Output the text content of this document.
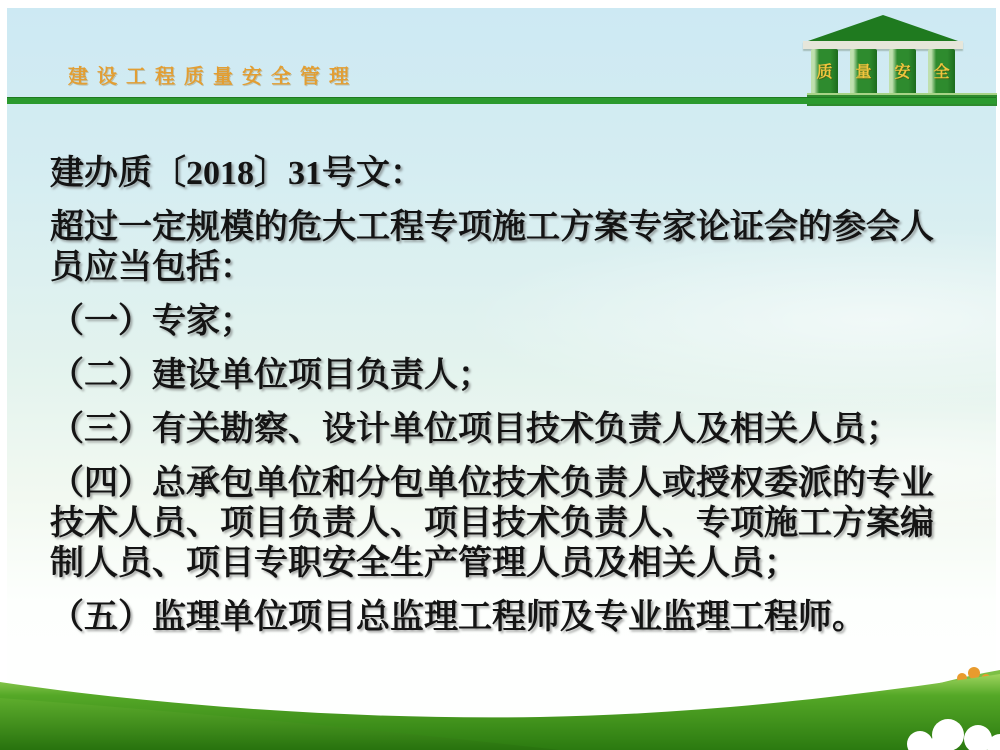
建设工程质量安全管理	质	量	安	全

建办质〔2018〕31号文：

超过一定规模的危大工程专项施工方案专家论证会的参会人员应当包括：

（一）专家；

（二）建设单位项目负责人；

（三）有关勘察、设计单位项目技术负责人及相关人员；

（四）总承包单位和分包单位技术负责人或授权委派的专业技术人员、项目负责人、项目技术负责人、专项施工方案编制人员、项目专职安全生产管理人员及相关人员；

（五）监理单位项目总监理工程师及专业监理工程师。
